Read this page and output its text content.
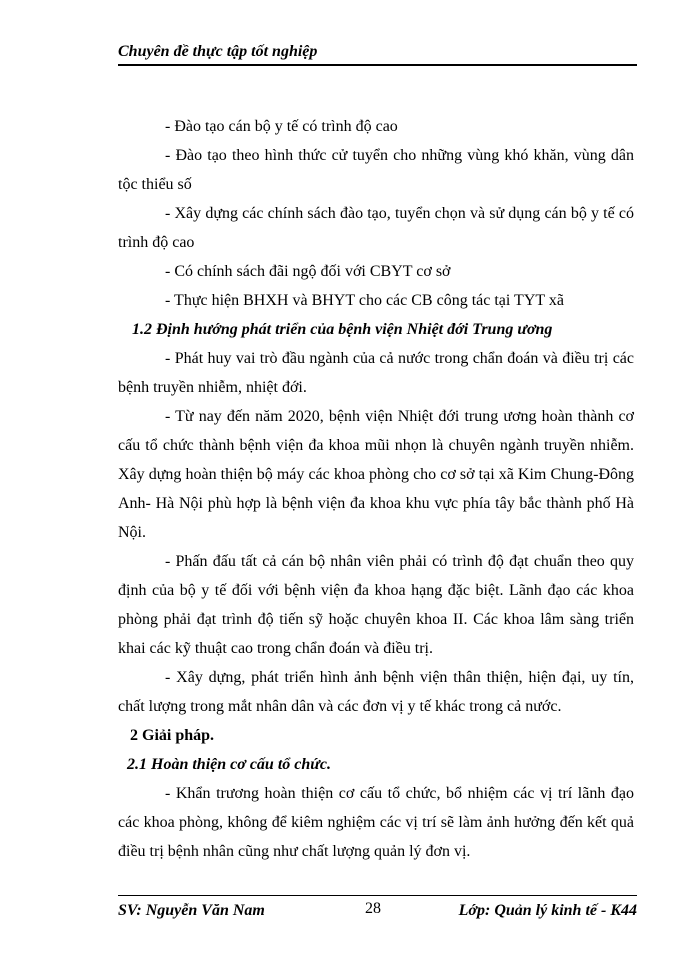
Chuyên đề thực tập tốt nghiệp

- Đào tạo cán bộ y tế có trình độ cao

- Đào tạo theo hình thức cử tuyển cho những vùng khó khăn, vùng dân tộc thiểu số

- Xây dựng các chính sách đào tạo, tuyển chọn và sử dụng cán bộ y tế có trình độ cao

- Có chính sách đãi ngộ đối với CBYT cơ sở

- Thực hiện BHXH và BHYT cho các CB công tác tại TYT xã

1.2 Định hướng phát triển của bệnh viện Nhiệt đới Trung ương

- Phát huy vai trò đầu ngành của cả nước trong chẩn đoán và điều trị các bệnh truyền nhiễm, nhiệt đới.

- Từ nay đến năm 2020, bệnh viện Nhiệt đới trung ương hoàn thành cơ cấu tổ chức thành bệnh viện đa khoa mũi nhọn là chuyên ngành truyền nhiễm. Xây dựng hoàn thiện bộ máy các khoa phòng cho cơ sở tại xã Kim Chung-Đông Anh- Hà Nội phù hợp là bệnh viện đa khoa khu vực phía tây bắc thành phố Hà Nội.

- Phấn đấu tất cả cán bộ nhân viên phải có trình độ đạt chuẩn theo quy định của bộ y tế đối với bệnh viện đa khoa hạng đặc biệt. Lãnh đạo các khoa phòng phải đạt trình độ tiến sỹ hoặc chuyên khoa II. Các khoa lâm sàng triển khai các kỹ thuật cao trong chẩn đoán và điều trị.

- Xây dựng, phát triển hình ảnh bệnh viện thân thiện, hiện đại, uy tín, chất lượng trong mắt nhân dân và các đơn vị y tế khác trong cả nước.

2 Giải pháp.

2.1 Hoàn thiện cơ cấu tổ chức.

- Khẩn trương hoàn thiện cơ cấu tổ chức, bổ nhiệm các vị trí lãnh đạo các khoa phòng, không để kiêm nghiệm các vị trí sẽ làm ảnh hưởng đến kết quả điều trị bệnh nhân cũng như chất lượng quản lý đơn vị.

SV: Nguyễn Văn Nam	28	Lớp: Quản lý kinh tế - K44
